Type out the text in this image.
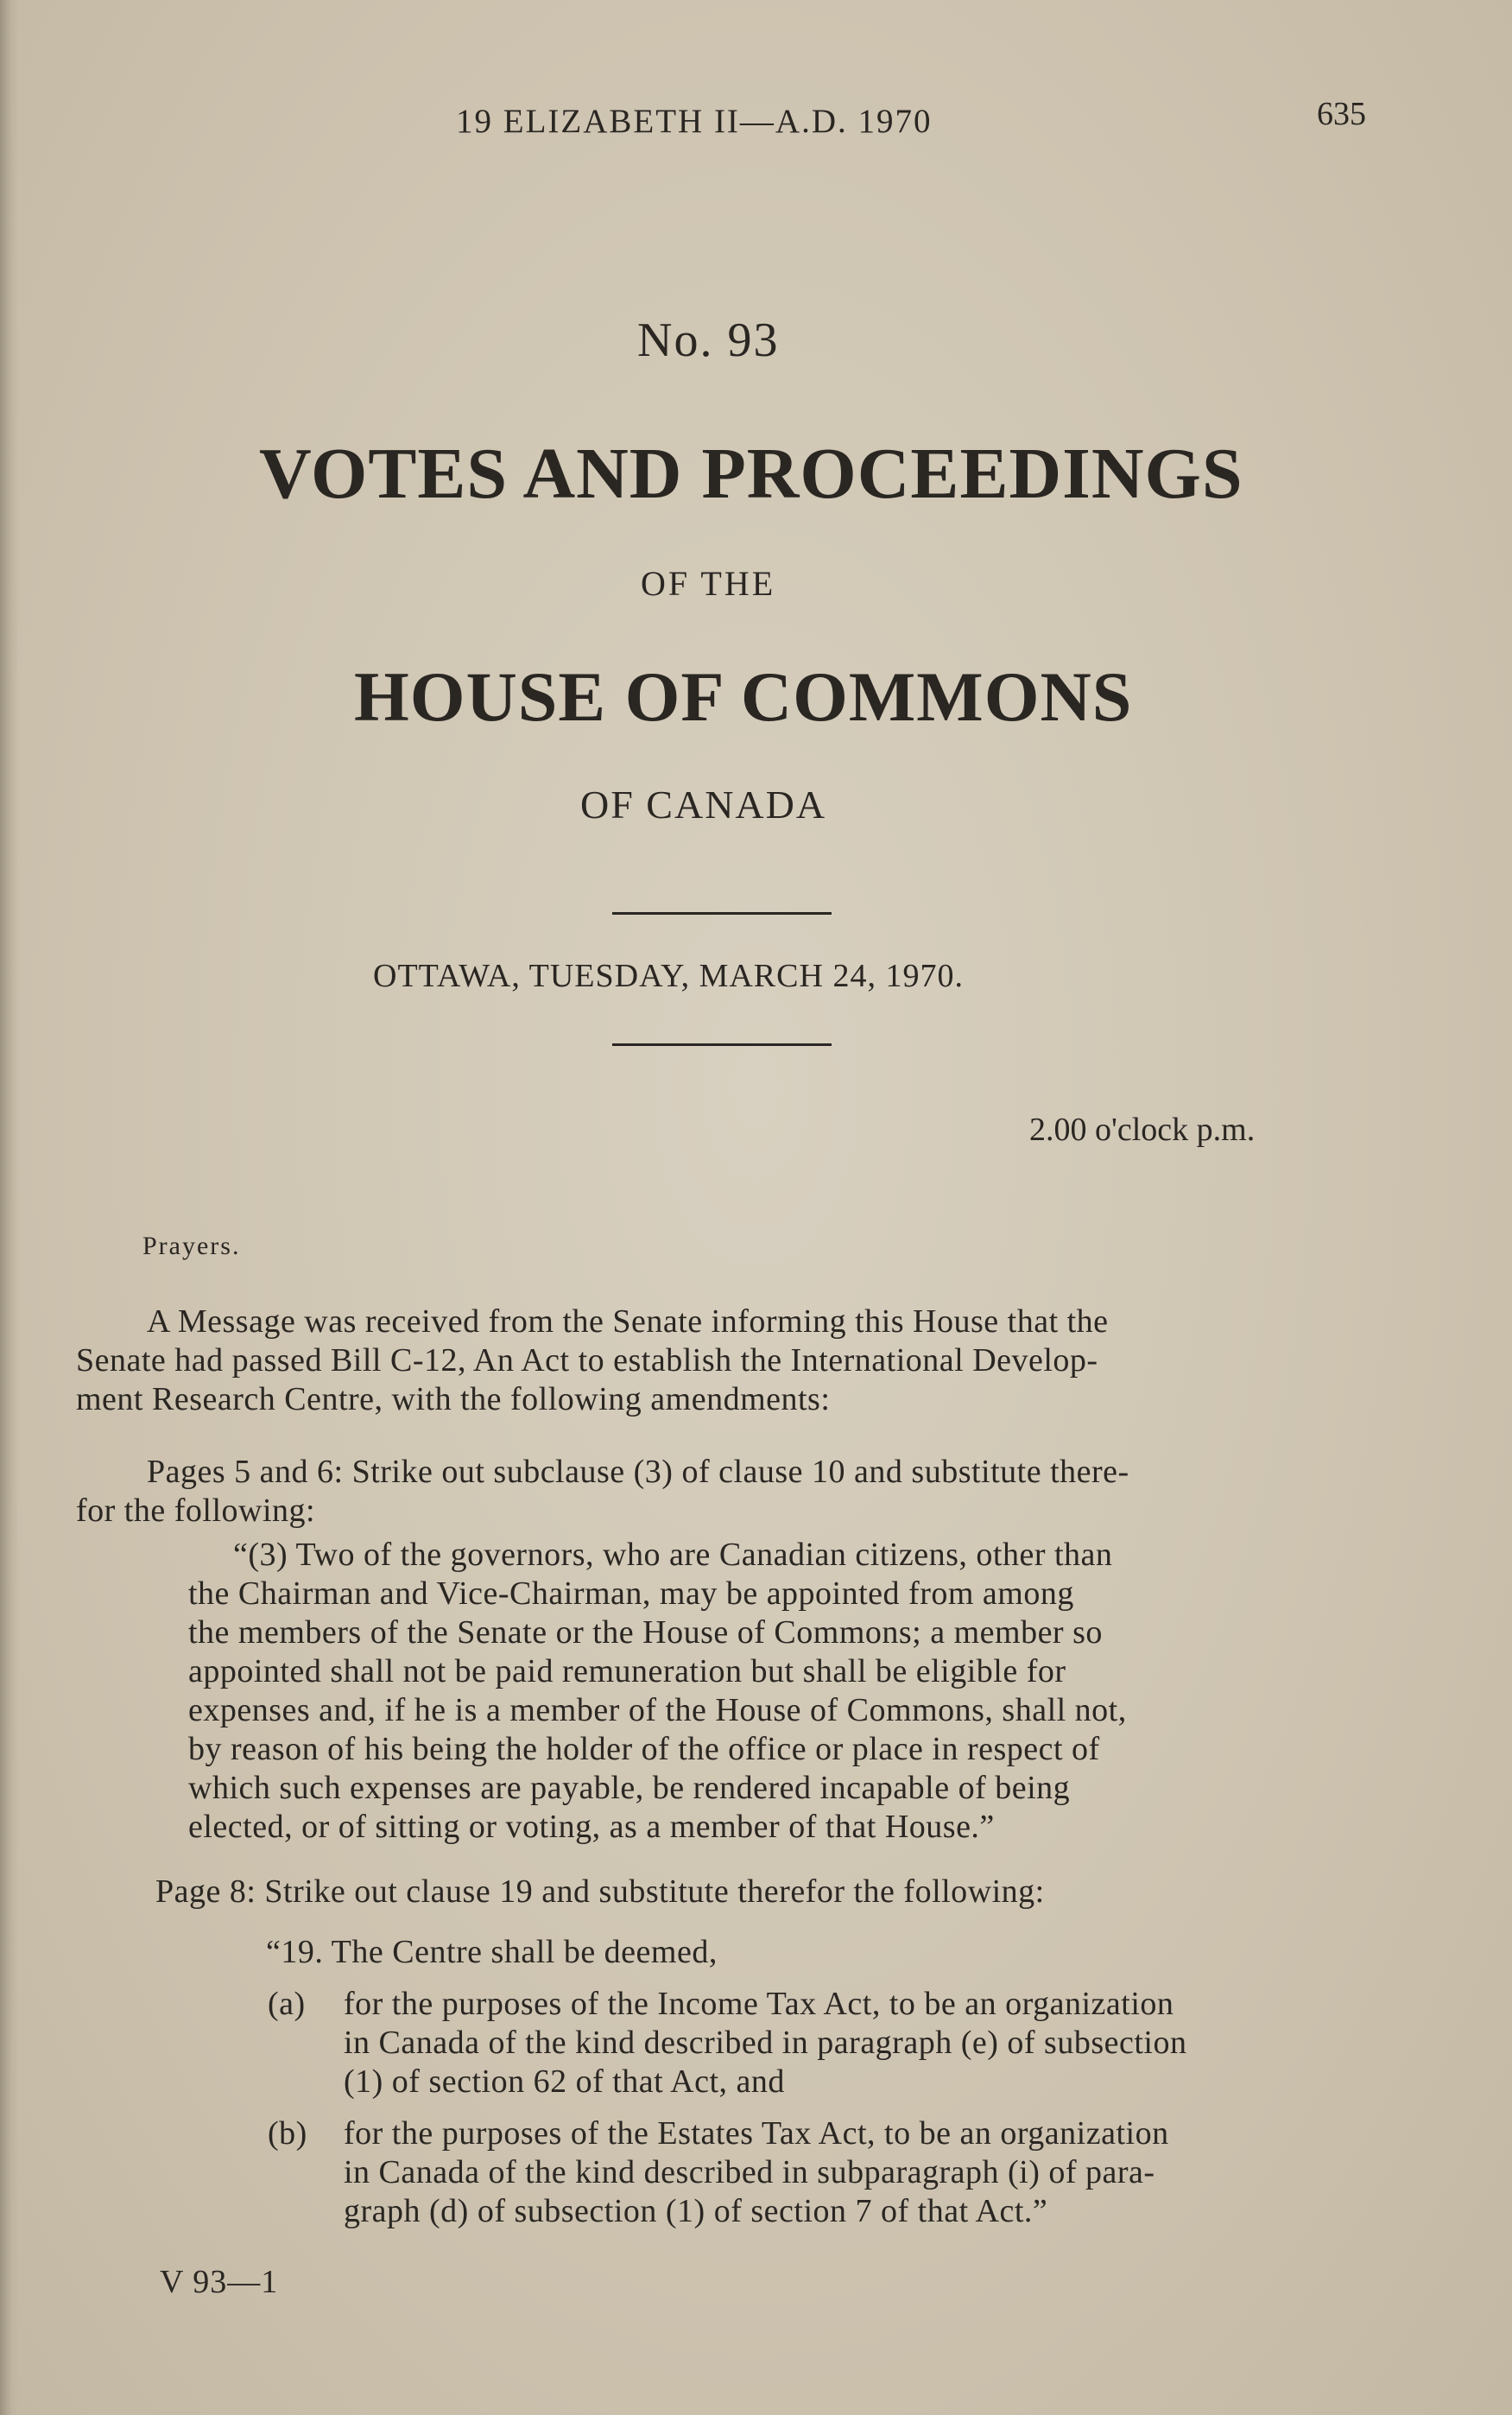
19 ELIZABETH II—A.D. 1970	635
No. 93
VOTES AND PROCEEDINGS
OF THE
HOUSE OF COMMONS
OF CANADA
OTTAWA, TUESDAY, MARCH 24, 1970.
2.00 o'clock p.m.
Prayers.
A Message was received from the Senate informing this House that the
Senate had passed Bill C-12, An Act to establish the International Develop-
ment Research Centre, with the following amendments:
Pages 5 and 6: Strike out subclause (3) of clause 10 and substitute there-
for the following:
“(3) Two of the governors, who are Canadian citizens, other than
the Chairman and Vice-Chairman, may be appointed from among
the members of the Senate or the House of Commons; a member so
appointed shall not be paid remuneration but shall be eligible for
expenses and, if he is a member of the House of Commons, shall not,
by reason of his being the holder of the office or place in respect of
which such expenses are payable, be rendered incapable of being
elected, or of sitting or voting, as a member of that House.”
Page 8: Strike out clause 19 and substitute therefor the following:
“19. The Centre shall be deemed,
(a) for the purposes of the Income Tax Act, to be an organization
in Canada of the kind described in paragraph (e) of subsection
(1) of section 62 of that Act, and
(b) for the purposes of the Estates Tax Act, to be an organization
in Canada of the kind described in subparagraph (i) of para-
graph (d) of subsection (1) of section 7 of that Act.”
V 93—1
